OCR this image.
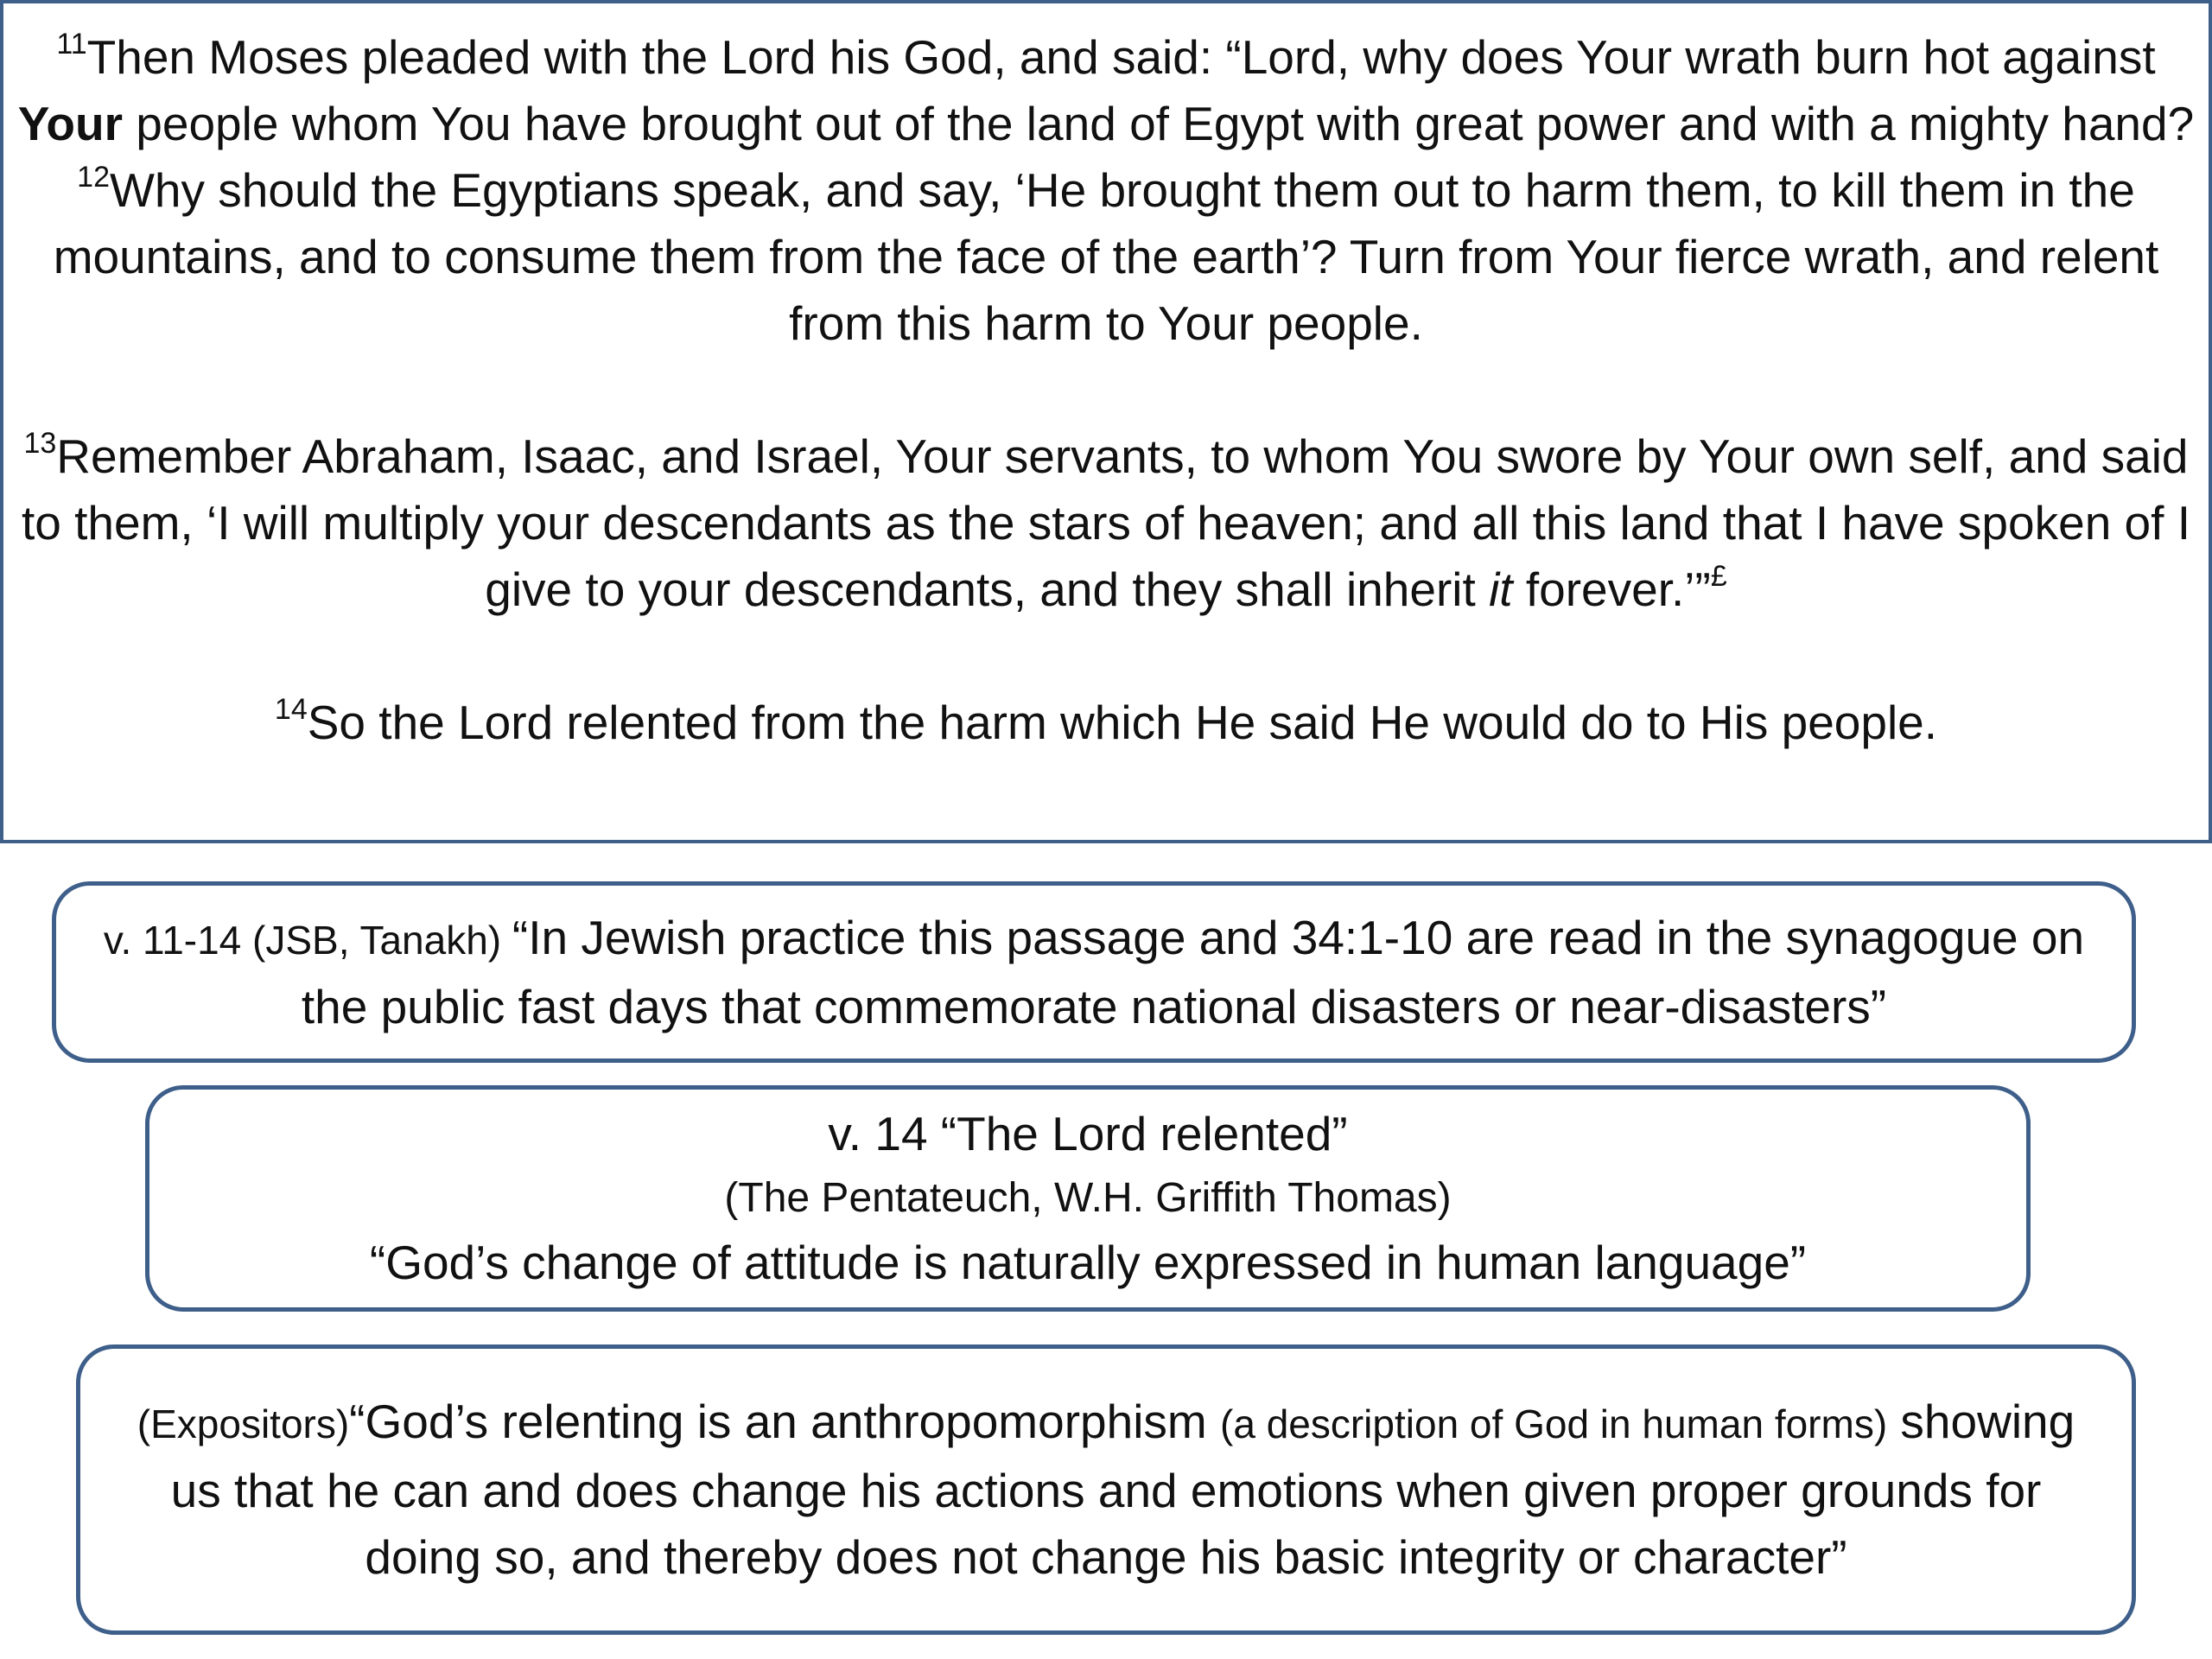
$^{11}$Then Moses pleaded with the Lord his God, and said: “Lord, why does Your wrath burn hot against Your people whom You have brought out of the land of Egypt with great power and with a mighty hand?

$^{12}$Why should the Egyptians speak, and say, ‘He brought them out to harm them, to kill them in the mountains, and to consume them from the face of the earth’? Turn from Your fierce wrath, and relent from this harm to Your people.

$^{13}$Remember Abraham, Isaac, and Israel, Your servants, to whom You swore by Your own self, and said to them, ‘I will multiply your descendants as the stars of heaven; and all this land that I have spoken of I give to your descendants, and they shall inherit it forever.’”£

$^{14}$So the Lord relented from the harm which He said He would do to His people.

v. 11-14 (JSB, Tanakh) “In Jewish practice this passage and 34:1-10 are read in the synagogue on the public fast days that commemorate national disasters or near-disasters”
v. 14 “The Lord relented”
(The Pentateuch, W.H. Griffith Thomas)
“God’s change of attitude is naturally expressed in human language”
(Expositors)“God’s relenting is an anthropomorphism (a description of God in human forms) showing us that he can and does change his actions and emotions when given proper grounds for doing so, and thereby does not change his basic integrity or character”
